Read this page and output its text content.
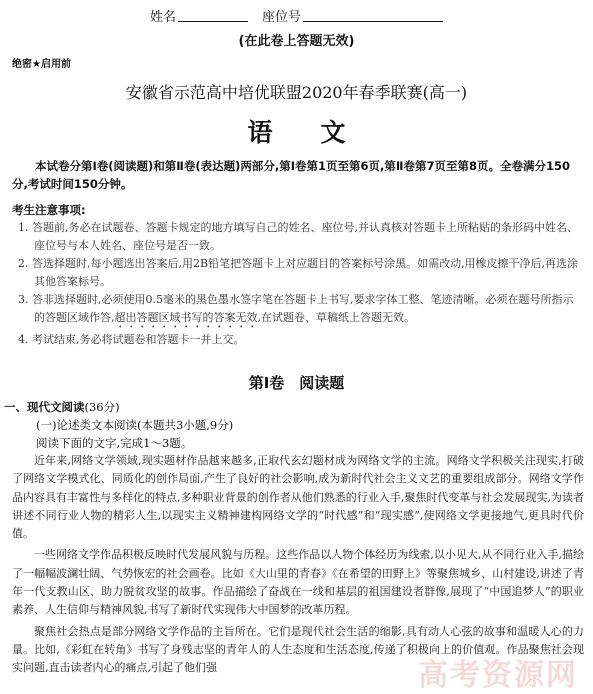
姓名	座位号
(在此卷上答题无效)
绝密★启用前
安徽省示范高中培优联盟2020年春季联赛(高一)
语文
本试卷分第Ⅰ卷(阅读题)和第Ⅱ卷(表达题)两部分,第Ⅰ卷第1页至第6页,第Ⅱ卷第7页至第8页。全卷满分150分,考试时间150分钟。
考生注意事项:

1. 答题前,务必在试题卷、答题卡规定的地方填写自己的姓名、座位号,并认真核对答题卡上所粘贴的条形码中姓名、座位号与本人姓名、座位号是否一致。

2. 答选择题时,每小题选出答案后,用2B铅笔把答题卡上对应题目的答案标号涂黑。如需改动,用橡皮擦干净后,再选涂其他答案标号。

3. 答非选择题时,必须使用0.5毫米的黑色墨水签字笔在答题卡上书写,要求字体工整、笔迹清晰。必须在题号所指示的答题区域作答,超出答题区域书写的答案无效,在试题卷、草稿纸上答题无效。

4. 考试结束,务必将试题卷和答题卡一并上交。

第Ⅰ卷　阅读题
一、现代文阅读(36分)
(一)论述类文本阅读(本题共3小题,9分)
阅读下面的文字,完成1～3题。

近年来,网络文学领域,现实题材作品越来越多,正取代玄幻题材成为网络文学的主流。网络文学积极关注现实,打破了网络文学模式化、同质化的创作局面,产生了良好的社会影响,成为新时代社会主义文艺的重要组成部分。网络文学作品内容具有丰富性与多样化的特点,多种职业背景的创作者从他们熟悉的行业入手,聚焦时代变革与社会发展现实,为读者讲述不同行业人物的精彩人生,以现实主义精神建构网络文学的“时代感”和“现实感”,使网络文学更接地气,更具时代价值。

一些网络文学作品积极反映时代发展风貌与历程。这些作品以人物个体经历为线索,以小见大,从不同行业入手,描绘了一幅幅波澜壮阔、气势恢宏的社会画卷。比如《大山里的青春》《在希望的田野上》等聚焦城乡、山村建设,讲述了青年一代支教山区、助力脱贫攻坚的故事。作品描绘了奋战在一线和基层的祖国建设者群像,展现了“中国追梦人”的职业素养、人生信仰与精神风貌,书写了新时代实现伟大中国梦的改革历程。

聚焦社会热点是部分网络文学作品的主旨所在。它们是现代社会生活的缩影,具有动人心弦的故事和温暖人心的力量。比如,《彩虹在转角》书写了身残志坚的青年人的人生态度和生活态度,传递了积极向上的价值观。作品聚焦社会现实问题,直击读者内心的痛点,引起了他们强	高考资源网
